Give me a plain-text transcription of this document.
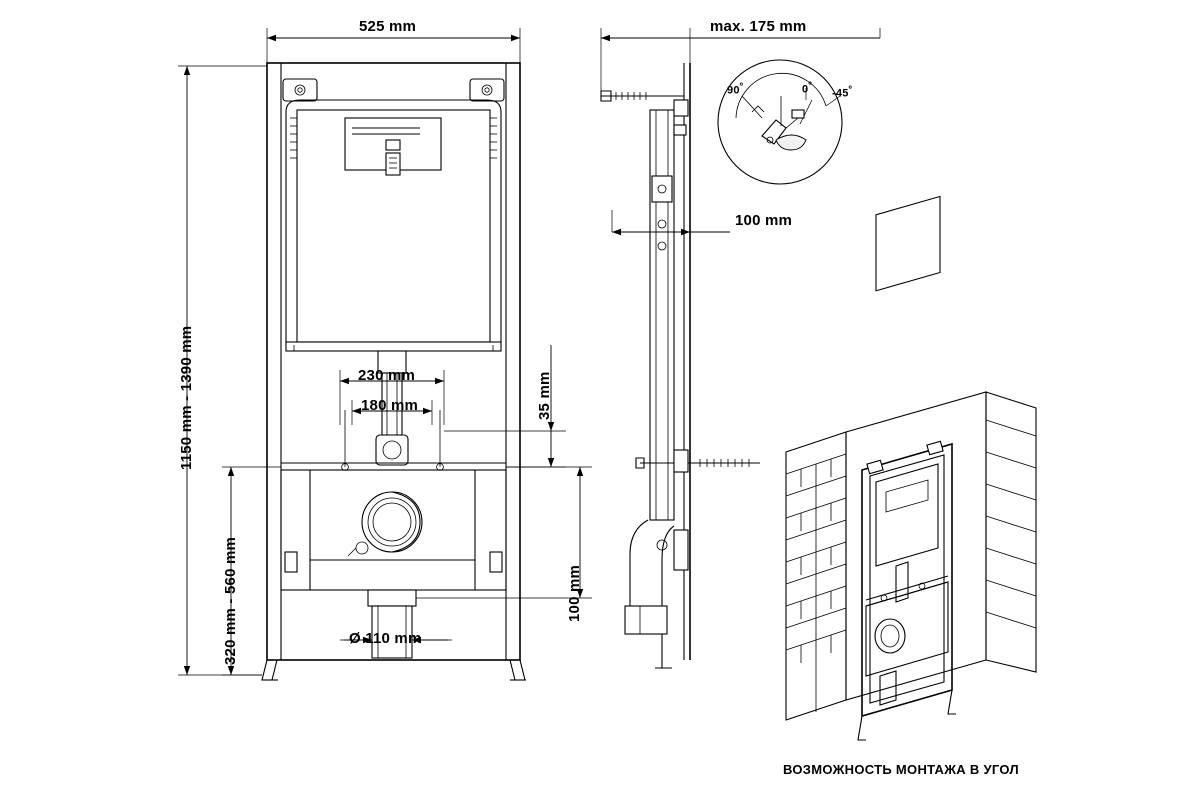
525 mm
1150 mm - 1390 mm
320 mm - 560 mm
230 mm
180 mm
Ø 110 mm
35 mm
100 mm
max. 175 mm
100 mm
$90^º$	$0^º$
$-45^º$
ВОЗМОЖНОСТЬ МОНТАЖА В УГОЛ
